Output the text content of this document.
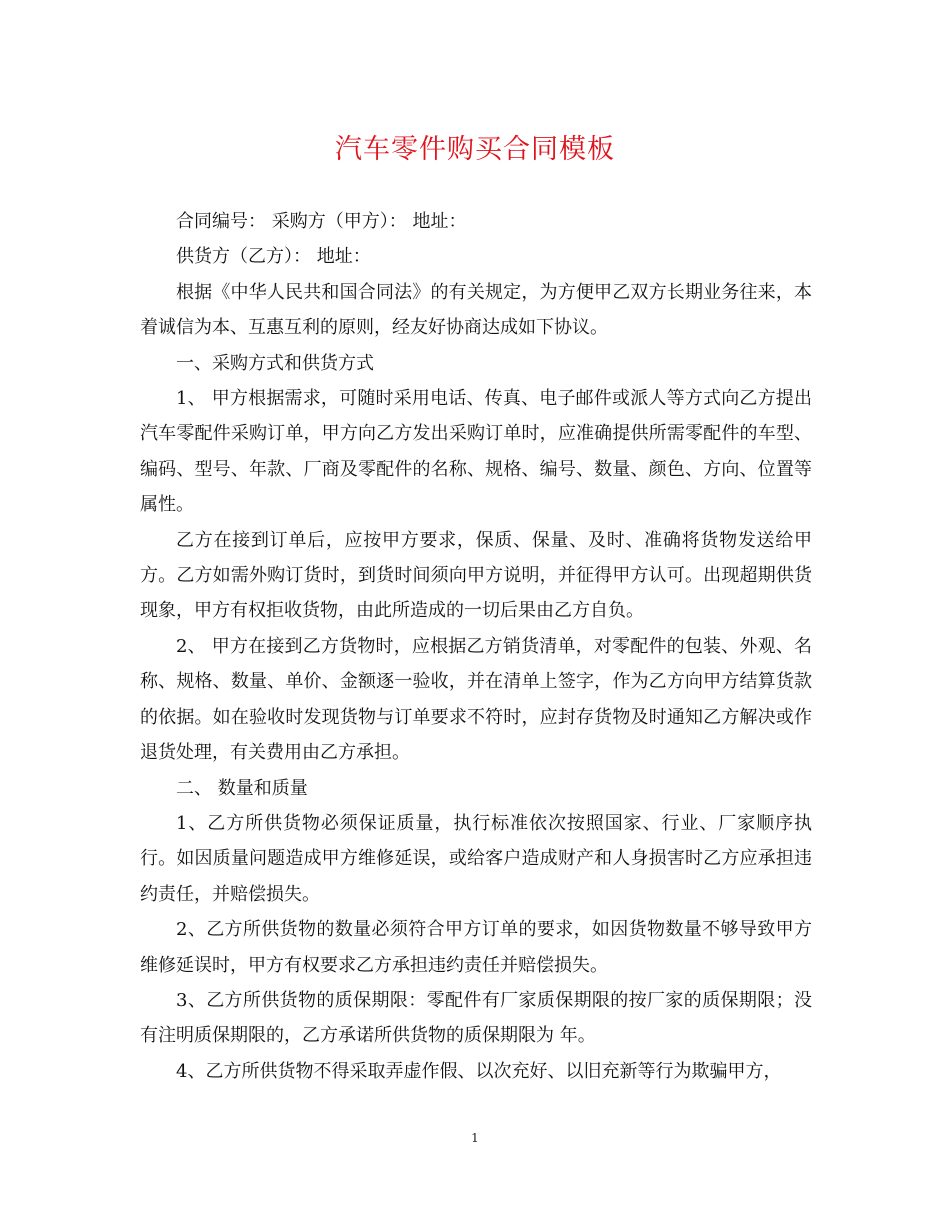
汽车零件购买合同模板

合同编号： 采购方（甲方）： 地址：

供货方（乙方）： 地址：

根据《中华人民共和国合同法》的有关规定，为方便甲乙双方长期业务往来，本着诚信为本、互惠互利的原则，经友好协商达成如下协议。

一、采购方式和供货方式

1、 甲方根据需求，可随时采用电话、传真、电子邮件或派人等方式向乙方提出汽车零配件采购订单，甲方向乙方发出采购订单时，应准确提供所需零配件的车型、编码、型号、年款、厂商及零配件的名称、规格、编号、数量、颜色、方向、位置等属性。

乙方在接到订单后，应按甲方要求，保质、保量、及时、准确将货物发送给甲方。乙方如需外购订货时，到货时间须向甲方说明，并征得甲方认可。出现超期供货现象，甲方有权拒收货物，由此所造成的一切后果由乙方自负。

2、 甲方在接到乙方货物时，应根据乙方销货清单，对零配件的包装、外观、名称、规格、数量、单价、金额逐一验收，并在清单上签字，作为乙方向甲方结算货款的依据。如在验收时发现货物与订单要求不符时，应封存货物及时通知乙方解决或作退货处理，有关费用由乙方承担。

二、 数量和质量

1、乙方所供货物必须保证质量，执行标准依次按照国家、行业、厂家顺序执行。如因质量问题造成甲方维修延误，或给客户造成财产和人身损害时乙方应承担违约责任，并赔偿损失。

2、乙方所供货物的数量必须符合甲方订单的要求，如因货物数量不够导致甲方维修延误时，甲方有权要求乙方承担违约责任并赔偿损失。

3、乙方所供货物的质保期限：零配件有厂家质保期限的按厂家的质保期限；没有注明质保期限的，乙方承诺所供货物的质保期限为 年。

4、乙方所供货物不得采取弄虚作假、以次充好、以旧充新等行为欺骗甲方，

1
